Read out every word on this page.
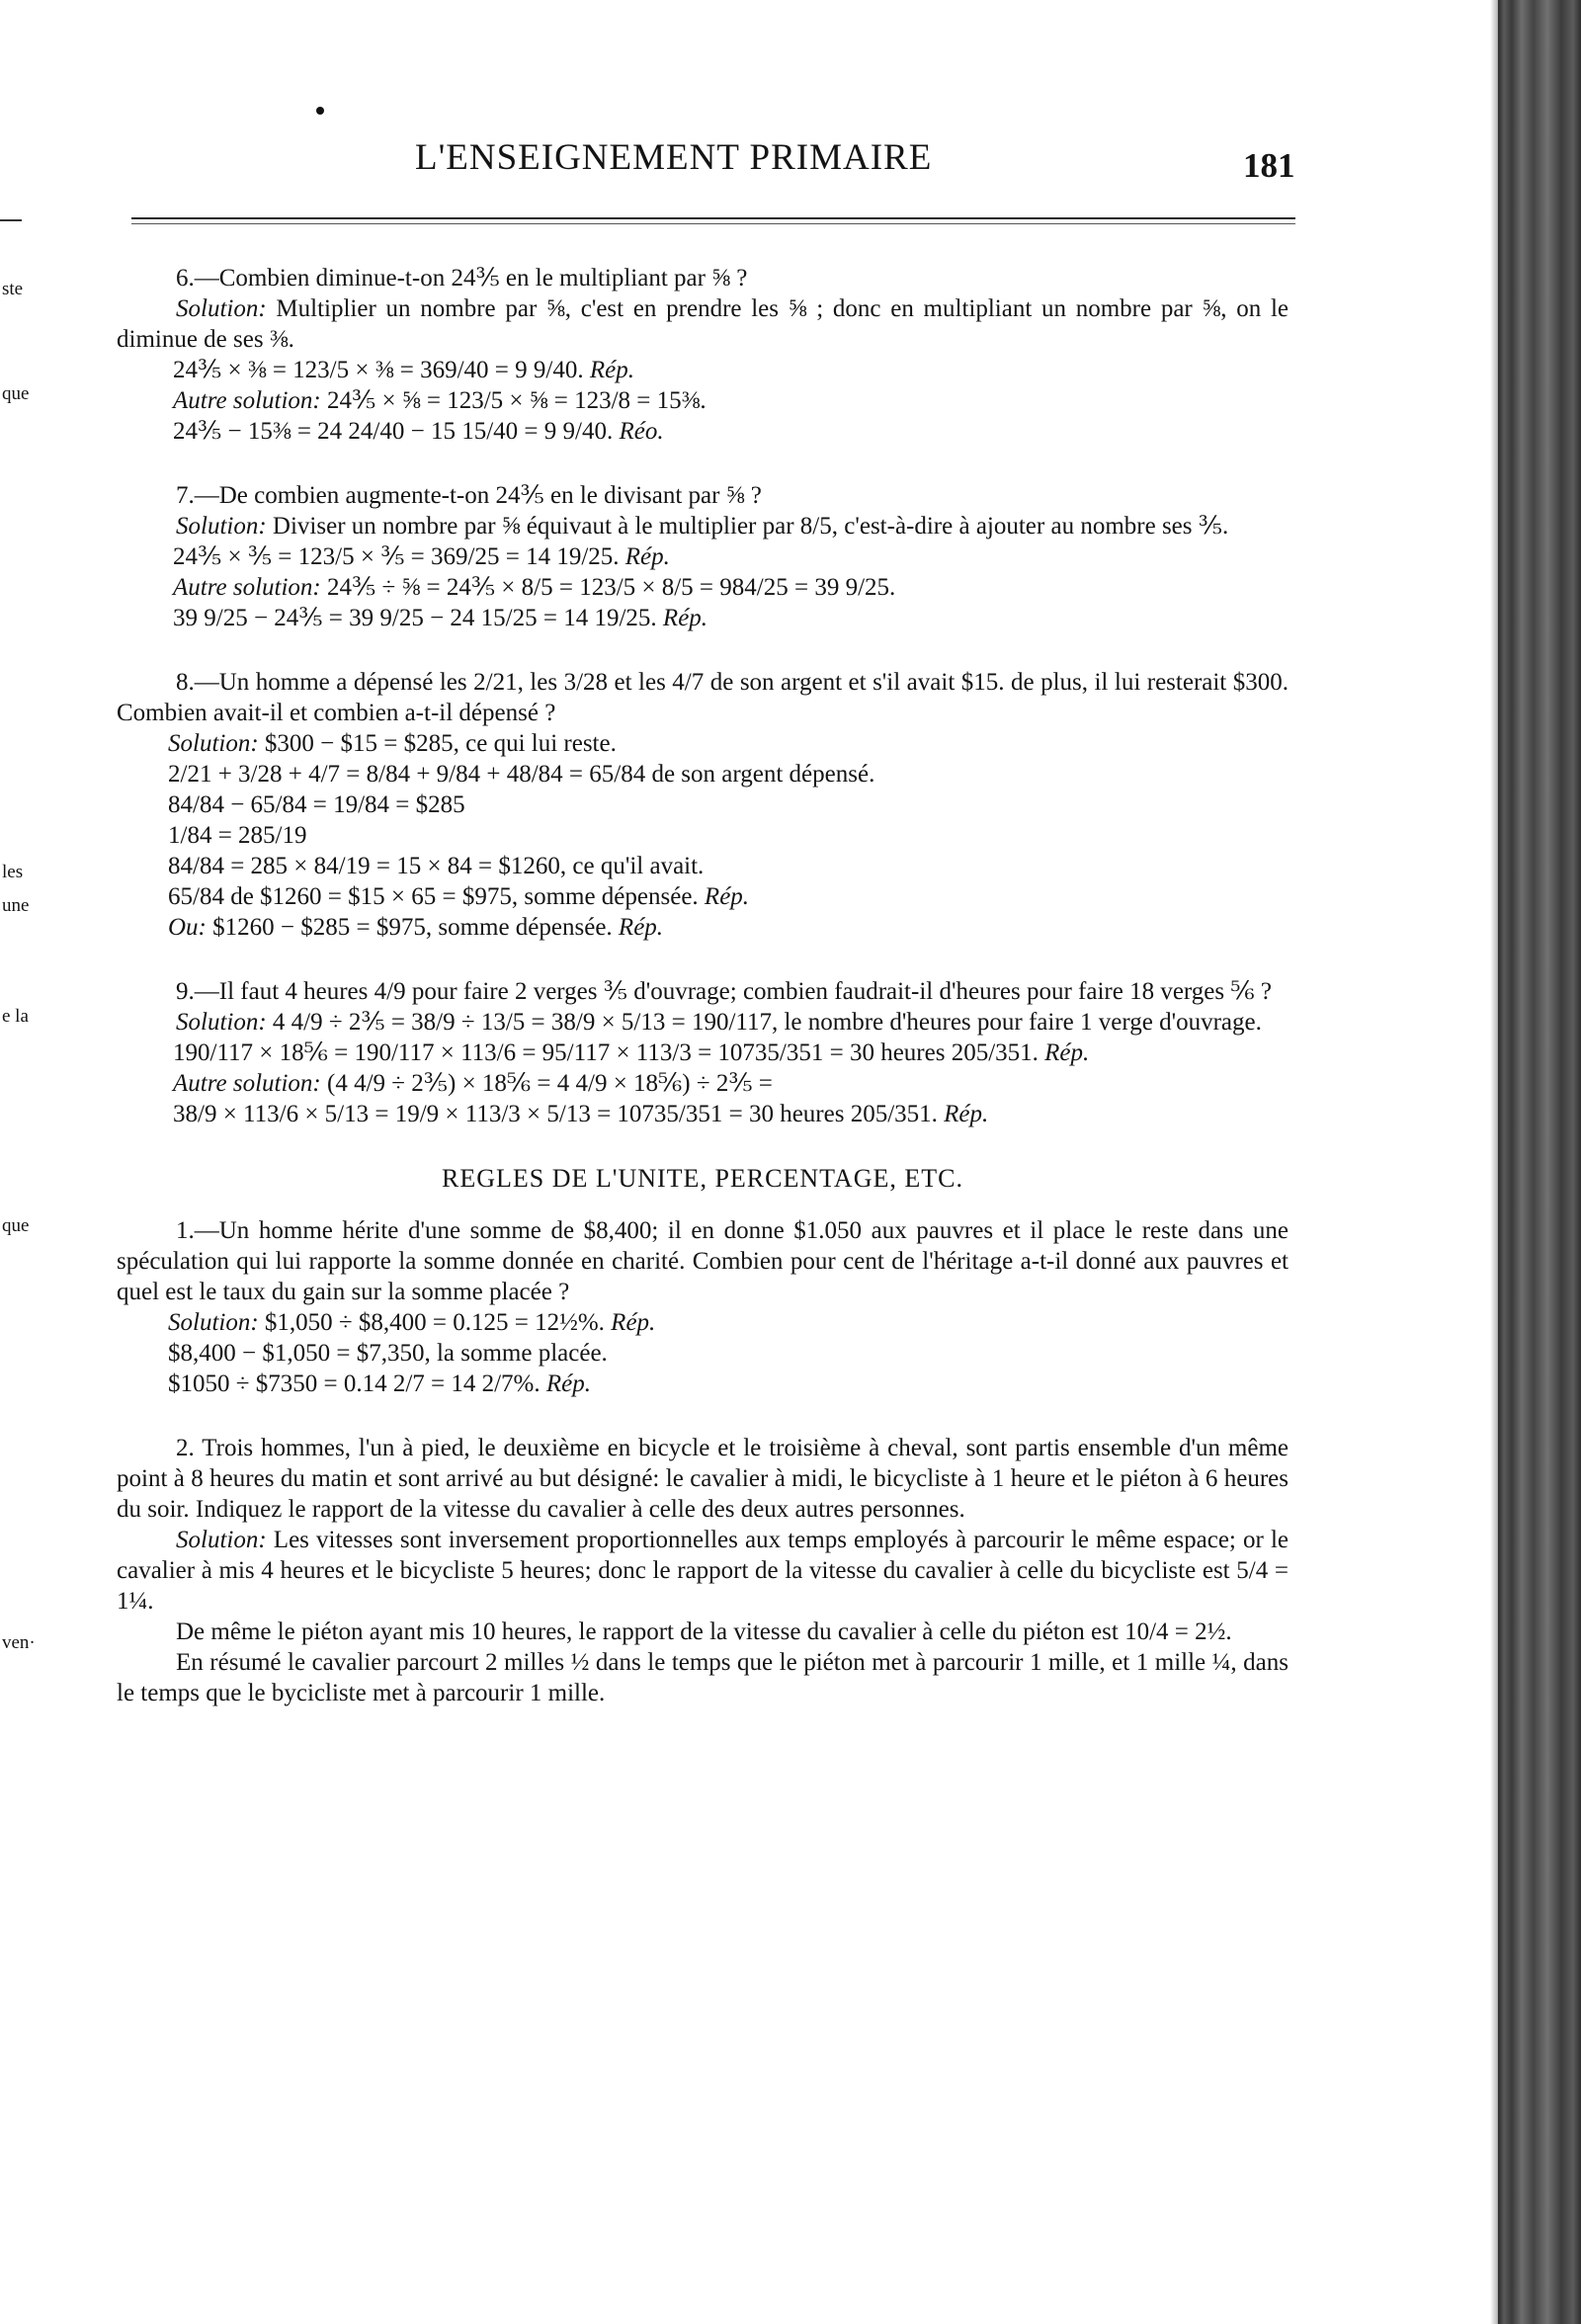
ste
que
les
une
e la
que
ven·
L'ENSEIGNEMENT PRIMAIRE	181

6.—Combien diminue-t-on 24⅗ en le multipliant par ⅝ ?

Solution: Multiplier un nombre par ⅝, c'est en prendre les ⅝ ; donc en multipliant un nombre par ⅝, on le diminue de ses ⅜.

24⅗ × ⅜ = 123/5 × ⅜ = 369/40 = 9 9/40. Rép.

Autre solution: 24⅗ × ⅝ = 123/5 × ⅝ = 123/8 = 15⅜.

24⅗ − 15⅜ = 24 24/40 − 15 15/40 = 9 9/40. Réo.

7.—De combien augmente-t-on 24⅗ en le divisant par ⅝ ?

Solution: Diviser un nombre par ⅝ équivaut à le multiplier par 8/5, c'est-à-dire à ajouter au nombre ses ⅗.

24⅗ × ⅗ = 123/5 × ⅗ = 369/25 = 14 19/25. Rép.

Autre solution: 24⅗ ÷ ⅝ = 24⅗ × 8/5 = 123/5 × 8/5 = 984/25 = 39 9/25.

39 9/25 − 24⅗ = 39 9/25 − 24 15/25 = 14 19/25. Rép.

8.—Un homme a dépensé les 2/21, les 3/28 et les 4/7 de son argent et s'il avait $15. de plus, il lui resterait $300. Combien avait-il et combien a-t-il dépensé ?

Solution: $300 − $15 = $285, ce qui lui reste.

2/21 + 3/28 + 4/7 = 8/84 + 9/84 + 48/84 = 65/84 de son argent dépensé.

84/84 − 65/84 = 19/84 = $285

1/84 = 285/19

84/84 = 285 × 84/19 = 15 × 84 = $1260, ce qu'il avait.

65/84 de $1260 = $15 × 65 = $975, somme dépensée. Rép.

Ou: $1260 − $285 = $975, somme dépensée. Rép.

9.—Il faut 4 heures 4/9 pour faire 2 verges ⅗ d'ouvrage; combien faudrait-il d'heures pour faire 18 verges ⅚ ?

Solution: 4 4/9 ÷ 2⅗ = 38/9 ÷ 13/5 = 38/9 × 5/13 = 190/117, le nombre d'heures pour faire 1 verge d'ouvrage.

190/117 × 18⅚ = 190/117 × 113/6 = 95/117 × 113/3 = 10735/351 = 30 heures 205/351. Rép.

Autre solution: (4 4/9 ÷ 2⅗) × 18⅚ = 4 4/9 × 18⅚) ÷ 2⅗ =

38/9 × 113/6 × 5/13 = 19/9 × 113/3 × 5/13 = 10735/351 = 30 heures 205/351. Rép.

REGLES DE L'UNITE, PERCENTAGE, ETC.

1.—Un homme hérite d'une somme de $8,400; il en donne $1.050 aux pauvres et il place le reste dans une spéculation qui lui rapporte la somme donnée en charité. Combien pour cent de l'héritage a-t-il donné aux pauvres et quel est le taux du gain sur la somme placée ?

Solution: $1,050 ÷ $8,400 = 0.125 = 12½%. Rép.

$8,400 − $1,050 = $7,350, la somme placée.

$1050 ÷ $7350 = 0.14 2/7 = 14 2/7%. Rép.

2. Trois hommes, l'un à pied, le deuxième en bicycle et le troisième à cheval, sont partis ensemble d'un même point à 8 heures du matin et sont arrivé au but désigné: le cavalier à midi, le bicycliste à 1 heure et le piéton à 6 heures du soir. Indiquez le rapport de la vitesse du cavalier à celle des deux autres personnes.

Solution: Les vitesses sont inversement proportionnelles aux temps employés à parcourir le même espace; or le cavalier à mis 4 heures et le bicycliste 5 heures; donc le rapport de la vitesse du cavalier à celle du bicycliste est 5/4 = 1¼.

De même le piéton ayant mis 10 heures, le rapport de la vitesse du cavalier à celle du piéton est 10/4 = 2½.

En résumé le cavalier parcourt 2 milles ½ dans le temps que le piéton met à parcourir 1 mille, et 1 mille ¼, dans le temps que le bycicliste met à parcourir 1 mille.
